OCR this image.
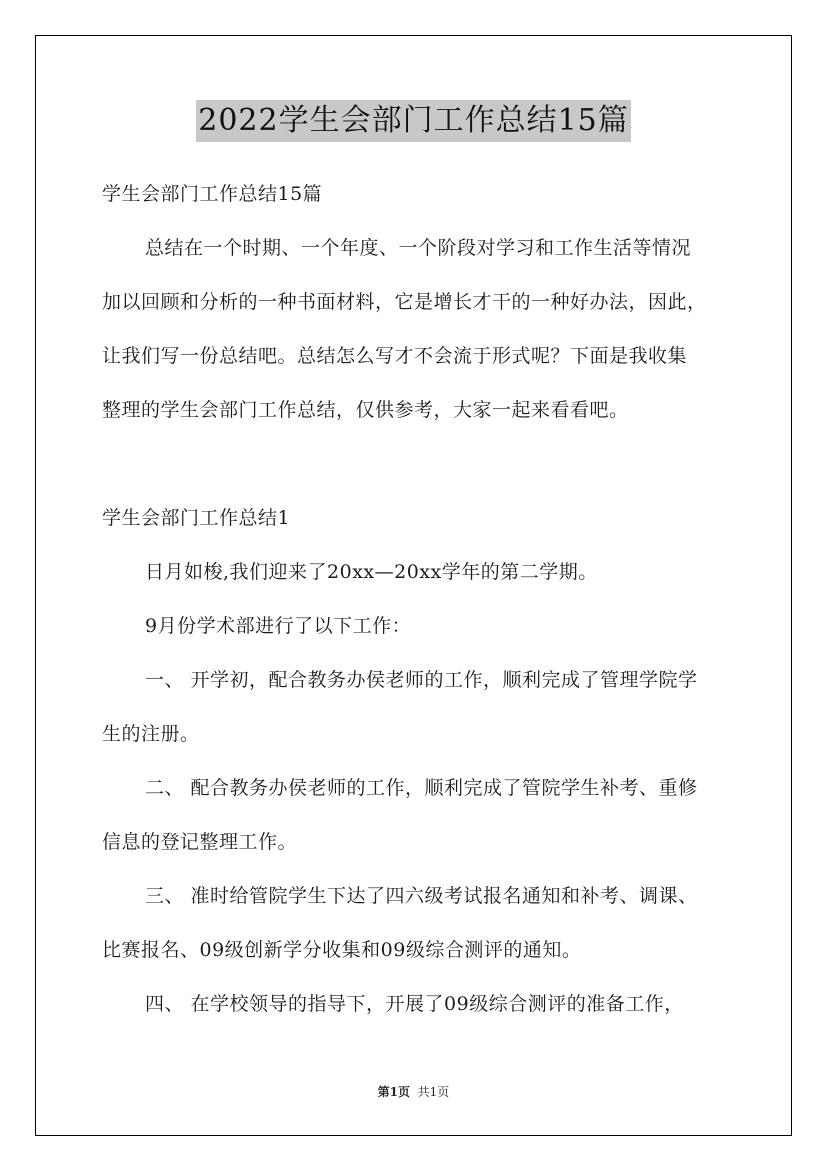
2022学生会部门工作总结15篇
学生会部门工作总结15篇
总结在一个时期、一个年度、一个阶段对学习和工作生活等情况
加以回顾和分析的一种书面材料，它是增长才干的一种好办法，因此，
让我们写一份总结吧。总结怎么写才不会流于形式呢？下面是我收集
整理的学生会部门工作总结，仅供参考，大家一起来看看吧。
学生会部门工作总结1
日月如梭,我们迎来了20xx—20xx学年的第二学期。
9月份学术部进行了以下工作：
一、 开学初，配合教务办侯老师的工作，顺利完成了管理学院学
生的注册。
二、 配合教务办侯老师的工作，顺利完成了管院学生补考、重修
信息的登记整理工作。
三、 准时给管院学生下达了四六级考试报名通知和补考、调课、
比赛报名、09级创新学分收集和09级综合测评的通知。
四、 在学校领导的指导下，开展了09级综合测评的准备工作，
第1页 共1页
